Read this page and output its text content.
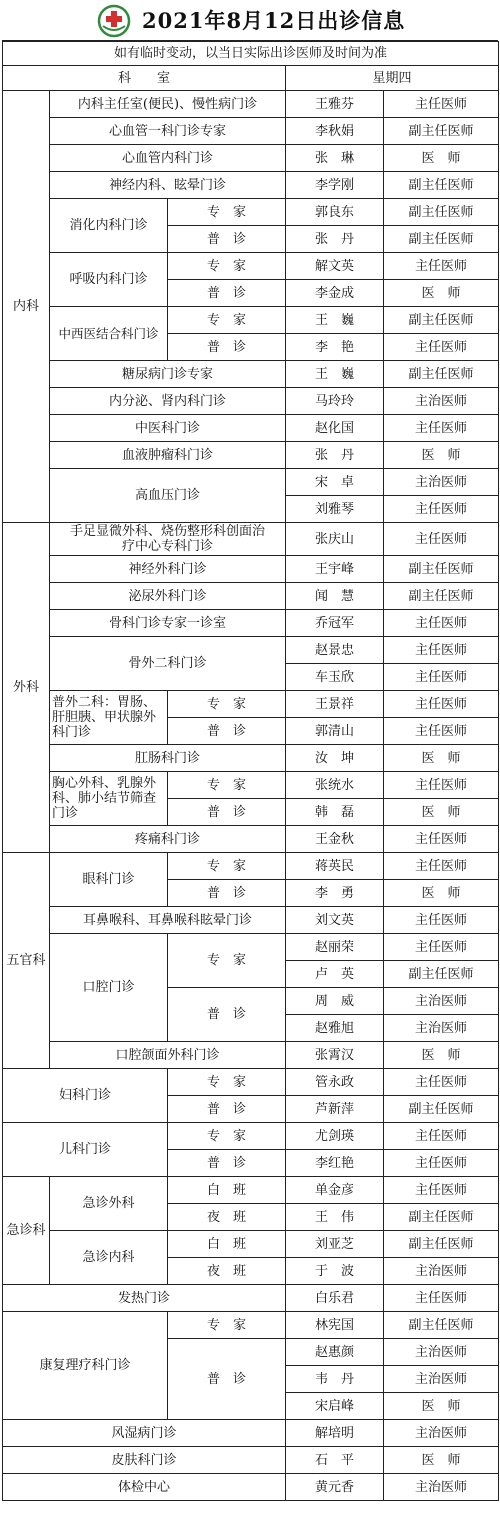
2021年8月12日出诊信息
如有临时变动，以当日实际出诊医师及时间为准				
科　　室			星期四	
内科	内科主任室(便民)、慢性病门诊		王雅芬	主任医师
	心血管一科门诊专家		李秋娟	副主任医师
	心血管内科门诊		张　琳	医　师
	神经内科、眩晕门诊		李学刚	副主任医师
	消化内科门诊	专　家	郭良东	副主任医师
		普　诊	张　丹	副主任医师
	呼吸内科门诊	专　家	解文英	主任医师
		普　诊	李金成	医　师
	中西医结合科门诊	专　家	王　巍	副主任医师
		普　诊	李　艳	主任医师
	糖尿病门诊专家		王　巍	副主任医师
	内分泌、肾内科门诊		马玲玲	主治医师
	中医科门诊		赵化国	主任医师
	血液肿瘤科门诊		张　丹	医　师
	高血压门诊		宋　卓	主治医师
			刘雅琴	主任医师
外科	手足显微外科、烧伤整形科创面治疗中心专科门诊		张庆山	主任医师
	神经外科门诊		王宇峰	副主任医师
	泌尿外科门诊		闻　慧	副主任医师
	骨科门诊专家一诊室		乔冠军	主任医师
	骨外二科门诊		赵景忠	主任医师
			车玉欣	主任医师
	普外二科：胃肠、肝胆胰、甲状腺外科门诊	专　家	王景祥	主任医师
		普　诊	郭清山	主任医师
	肛肠科门诊		汝　坤	医　师
	胸心外科、乳腺外科、肺小结节筛查门诊	专　家	张统水	主任医师
		普　诊	韩　磊	医　师
	疼痛科门诊		王金秋	主任医师
五官科	眼科门诊	专　家	蒋英民	主任医师
		普　诊	李　勇	医　师
	耳鼻喉科、耳鼻喉科眩晕门诊		刘文英	主任医师
	口腔门诊	专　家	赵丽荣	主任医师
			卢　英	副主任医师
		普　诊	周　威	主治医师
			赵雅旭	主治医师
	口腔颌面外科门诊		张霄汉	医　师
妇科门诊		专　家	管永政	主任医师
		普　诊	芦新萍	副主任医师
儿科门诊		专　家	尤剑瑛	主任医师
		普　诊	李红艳	主任医师
急诊科	急诊外科	白　班	单金彦	主任医师
		夜　班	王　伟	副主任医师
	急诊内科	白　班	刘亚芝	副主任医师
		夜　班	于　波	主治医师
发热门诊			白乐君	主任医师
康复理疗科门诊		专　家	林宪国	副主任医师
		普　诊	赵惠颜	主治医师
			韦　丹	主治医师
			宋启峰	医　师
风湿病门诊			解培明	主治医师
皮肤科门诊			石　平	医　师
体检中心			黄元香	主治医师
